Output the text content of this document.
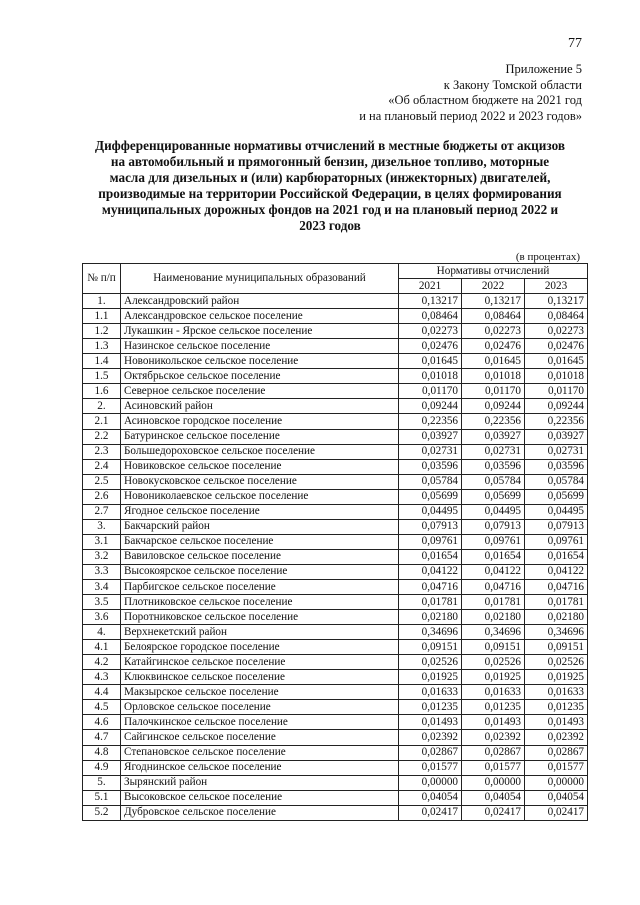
77
Приложение 5
к Закону Томской области
«Об областном бюджете на 2021 год
и на плановый период 2022 и 2023 годов»
Дифференцированные нормативы отчислений в местные бюджеты от акцизов
на автомобильный и прямогонный бензин, дизельное топливо, моторные
масла для дизельных и (или) карбюраторных (инжекторных) двигателей,
производимые на территории Российской Федерации, в целях формирования
муниципальных дорожных фондов на 2021 год и на плановый период 2022 и
2023 годов
(в процентах)
№ п/п	Наименование муниципальных образований	Нормативы отчислений		
		2021	2022	2023
1.	Александровский район	0,13217	0,13217	0,13217
1.1	Александровское сельское поселение	0,08464	0,08464	0,08464
1.2	Лукашкин - Ярское сельское поселение	0,02273	0,02273	0,02273
1.3	Назинское сельское поселение	0,02476	0,02476	0,02476
1.4	Новоникольское сельское поселение	0,01645	0,01645	0,01645
1.5	Октябрьское сельское поселение	0,01018	0,01018	0,01018
1.6	Северное сельское поселение	0,01170	0,01170	0,01170
2.	Асиновский район	0,09244	0,09244	0,09244
2.1	Асиновское городское поселение	0,22356	0,22356	0,22356
2.2	Батуринское сельское поселение	0,03927	0,03927	0,03927
2.3	Большедороховское сельское поселение	0,02731	0,02731	0,02731
2.4	Новиковское сельское поселение	0,03596	0,03596	0,03596
2.5	Новокусковское сельское поселение	0,05784	0,05784	0,05784
2.6	Новониколаевское сельское поселение	0,05699	0,05699	0,05699
2.7	Ягодное сельское поселение	0,04495	0,04495	0,04495
3.	Бакчарский район	0,07913	0,07913	0,07913
3.1	Бакчарское сельское поселение	0,09761	0,09761	0,09761
3.2	Вавиловское сельское поселение	0,01654	0,01654	0,01654
3.3	Высокоярское сельское поселение	0,04122	0,04122	0,04122
3.4	Парбигское сельское поселение	0,04716	0,04716	0,04716
3.5	Плотниковское сельское поселение	0,01781	0,01781	0,01781
3.6	Поротниковское сельское поселение	0,02180	0,02180	0,02180
4.	Верхнекетский район	0,34696	0,34696	0,34696
4.1	Белоярское городское поселение	0,09151	0,09151	0,09151
4.2	Катайгинское сельское поселение	0,02526	0,02526	0,02526
4.3	Клюквинское сельское поселение	0,01925	0,01925	0,01925
4.4	Макзырское сельское поселение	0,01633	0,01633	0,01633
4.5	Орловское сельское поселение	0,01235	0,01235	0,01235
4.6	Палочкинское сельское поселение	0,01493	0,01493	0,01493
4.7	Сайгинское сельское поселение	0,02392	0,02392	0,02392
4.8	Степановское сельское поселение	0,02867	0,02867	0,02867
4.9	Ягоднинское сельское поселение	0,01577	0,01577	0,01577
5.	Зырянский район	0,00000	0,00000	0,00000
5.1	Высоковское сельское поселение	0,04054	0,04054	0,04054
5.2	Дубровское сельское поселение	0,02417	0,02417	0,02417
